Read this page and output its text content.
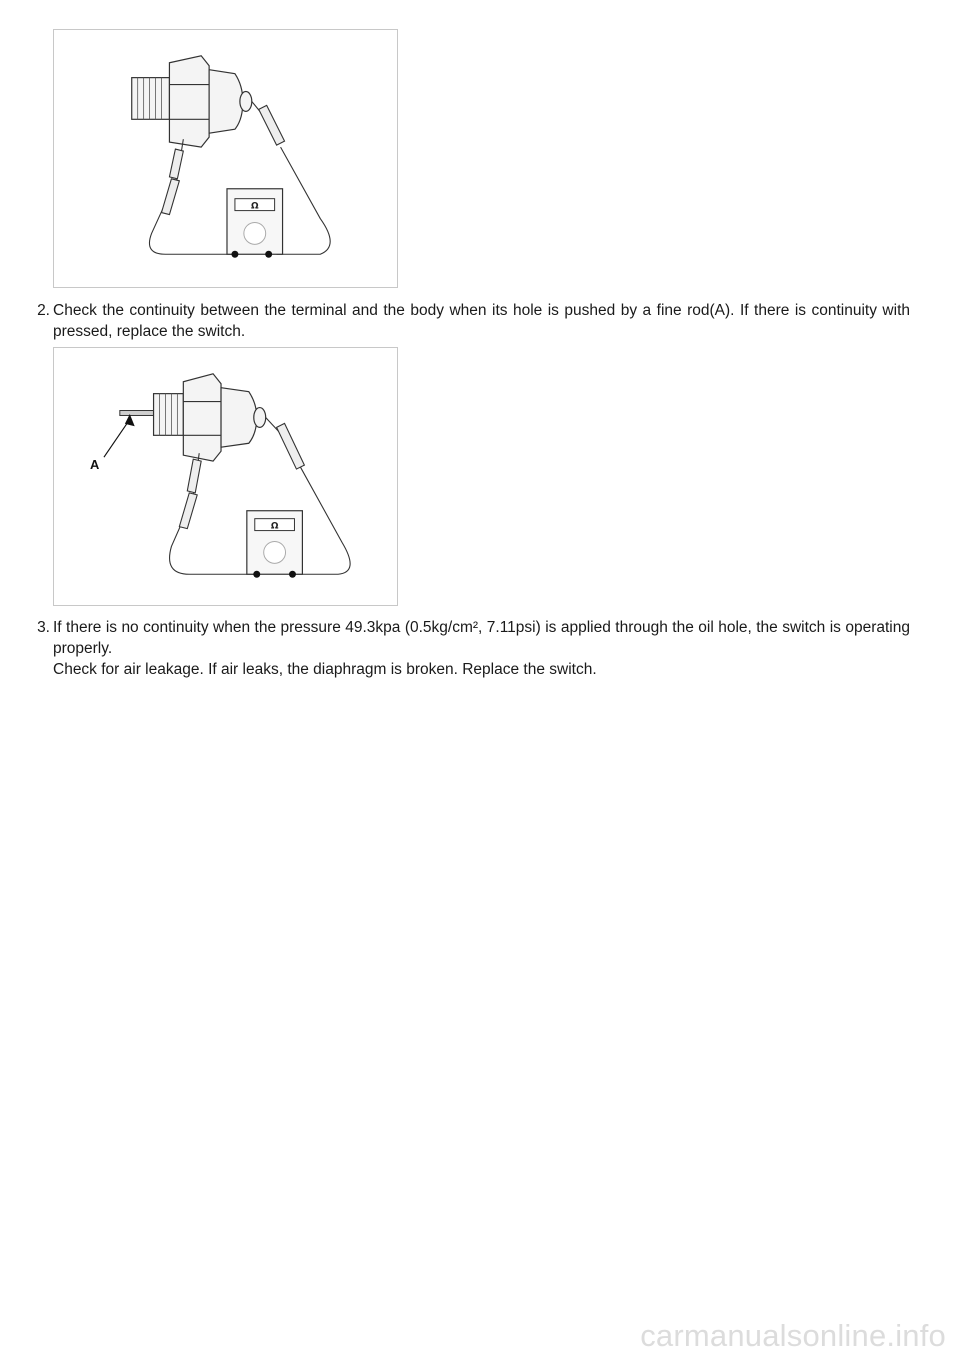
Ω
2. Check the continuity between the terminal and the body when its hole is pushed by a fine rod(A). If there is continuity with pressed, replace the switch.

A
Ω
3. If there is no continuity when the pressure 49.3kpa (0.5kg/cm², 7.11psi) is applied through the oil hole, the switch is operating properly.

Check for air leakage. If air leaks, the diaphragm is broken. Replace the switch.

carmanualsonline.info
